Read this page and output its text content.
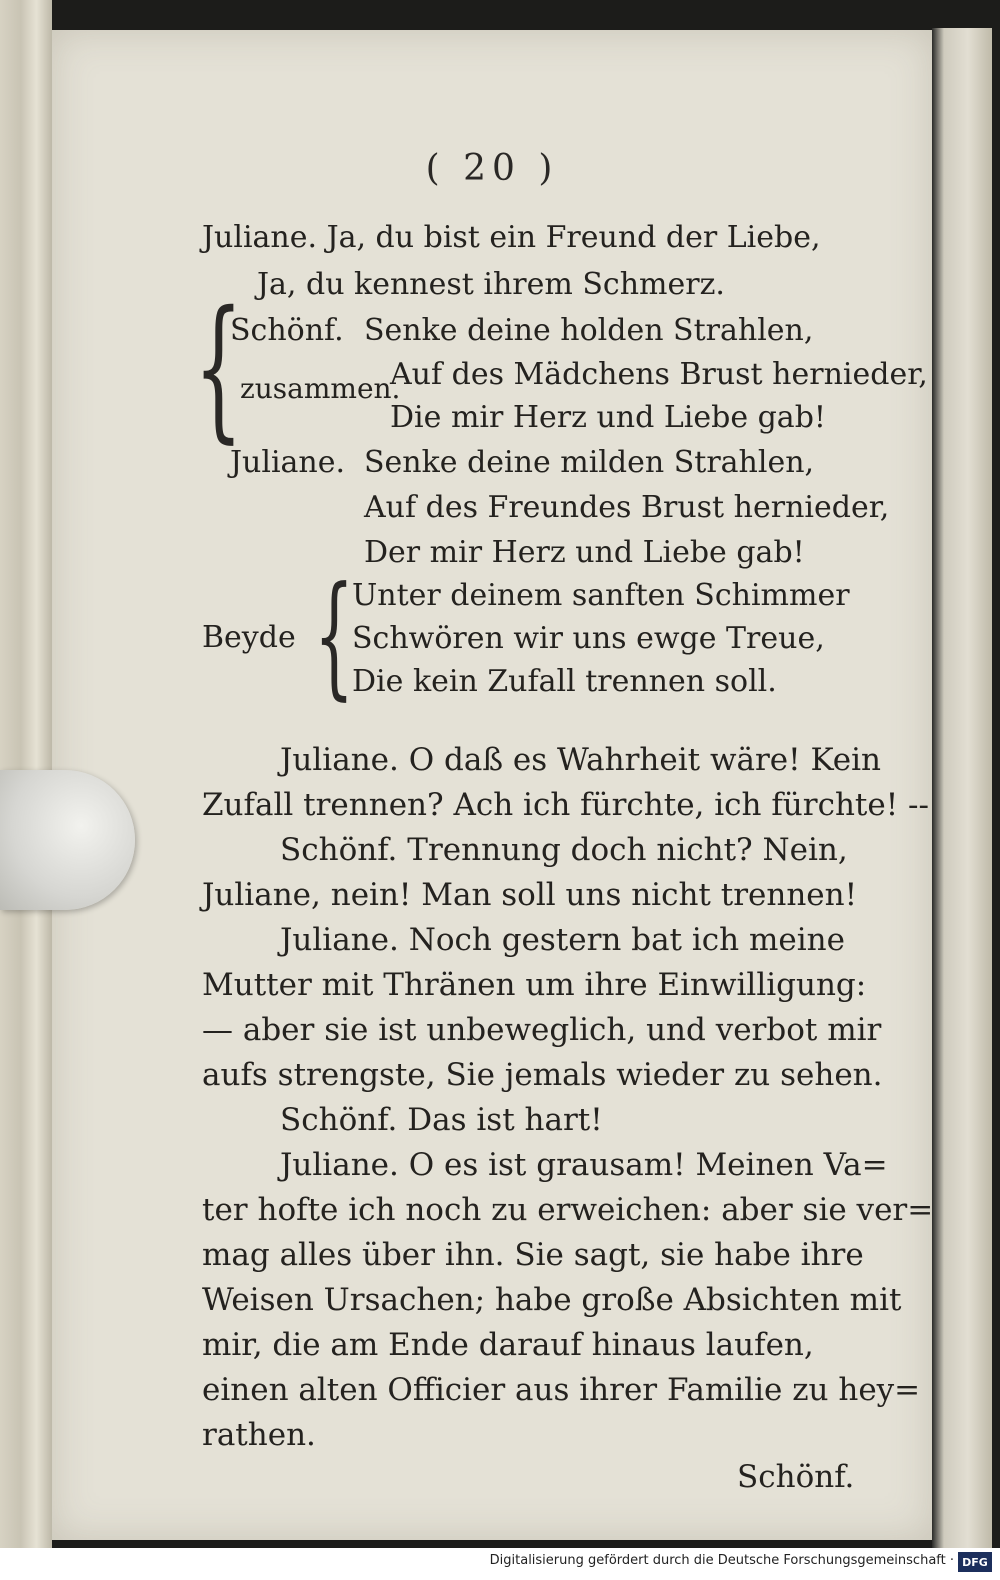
( 20 )
Juliane. Ja, du bist ein Freund der Liebe,
Ja, du kennest ihrem Schmerz.
{
Schönf. Senke deine holden Strahlen,
zusammen.
Auf des Mädchens Brust hernieder,
Die mir Herz und Liebe gab!
Juliane. Senke deine milden Strahlen,
Auf des Freundes Brust hernieder,
Der mir Herz und Liebe gab!
{
Beyde
Unter deinem sanften Schimmer
Schwören wir uns ewge Treue,
Die kein Zufall trennen soll.
Juliane. O daß es Wahrheit wäre! Kein
Zufall trennen? Ach ich fürchte, ich fürchte! --
Schönf. Trennung doch nicht? Nein,
Juliane, nein! Man soll uns nicht trennen!
Juliane. Noch gestern bat ich meine
Mutter mit Thränen um ihre Einwilligung:
— aber sie ist unbeweglich, und verbot mir
aufs strengste, Sie jemals wieder zu sehen.
Schönf. Das ist hart!
Juliane. O es ist grausam! Meinen Va=
ter hofte ich noch zu erweichen: aber sie ver=
mag alles über ihn. Sie sagt, sie habe ihre
Weisen Ursachen; habe große Absichten mit
mir, die am Ende darauf hinaus laufen,
einen alten Officier aus ihrer Familie zu hey=
rathen.
Schönf.
Digitalisierung gefördert durch die Deutsche Forschungsgemeinschaft · DFG
